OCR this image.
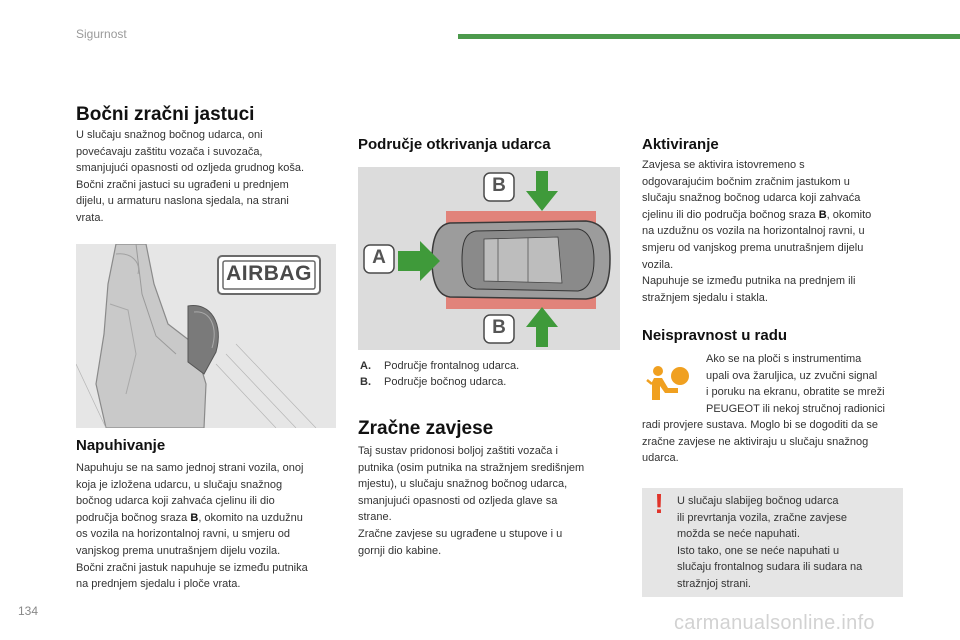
Sigurnost
134
carmanualsonline.info
Bočni zračni jastuci
U slučaju snažnog bočnog udarca, oni
povećavaju zaštitu vozača i suvozača,
smanjujući opasnosti od ozljeda grudnog koša.
Bočni zračni jastuci su ugrađeni u prednjem
dijelu, u armaturu naslona sjedala, na strani
vrata.
AIRBAG
Napuhivanje
Napuhuju se na samo jednoj strani vozila, onoj
koja je izložena udarcu, u slučaju snažnog
bočnog udarca koji zahvaća cjelinu ili dio
područja bočnog sraza B, okomito na uzdužnu
os vozila na horizontalnoj ravni, u smjeru od
vanjskog prema unutrašnjem dijelu vozila.
Bočni zračni jastuk napuhuje se između putnika
na prednjem sjedalu i ploče vrata.
Područje otkrivanja udarca
B
B
A
A. Područje frontalnog udarca.
B. Područje bočnog udarca.
Zračne zavjese
Taj sustav pridonosi boljoj zaštiti vozača i
putnika (osim putnika na stražnjem središnjem
mjestu), u slučaju snažnog bočnog udarca,
smanjujući opasnosti od ozljeda glave sa
strane.
Zračne zavjese su ugrađene u stupove i u
gornji dio kabine.
Aktiviranje
Zavjesa se aktivira istovremeno s
odgovarajućim bočnim zračnim jastukom u
slučaju snažnog bočnog udarca koji zahvaća
cjelinu ili dio područja bočnog sraza B, okomito
na uzdužnu os vozila na horizontalnoj ravni, u
smjeru od vanjskog prema unutrašnjem dijelu
vozila.
Napuhuje se između putnika na prednjem ili
stražnjem sjedalu i stakla.
Neispravnost u radu
Ako se na ploči s instrumentima
upali ova žaruljica, uz zvučni signal
i poruku na ekranu, obratite se mreži
PEUGEOT ili nekoj stručnoj radionici
radi provjere sustava. Moglo bi se dogoditi da se
zračne zavjese ne aktiviraju u slučaju snažnog
udarca.
!	U slučaju slabijeg bočnog udarca
ili prevrtanja vozila, zračne zavjese
možda se neće napuhati.
Isto tako, one se neće napuhati u
slučaju frontalnog sudara ili sudara na
stražnjoj strani.
